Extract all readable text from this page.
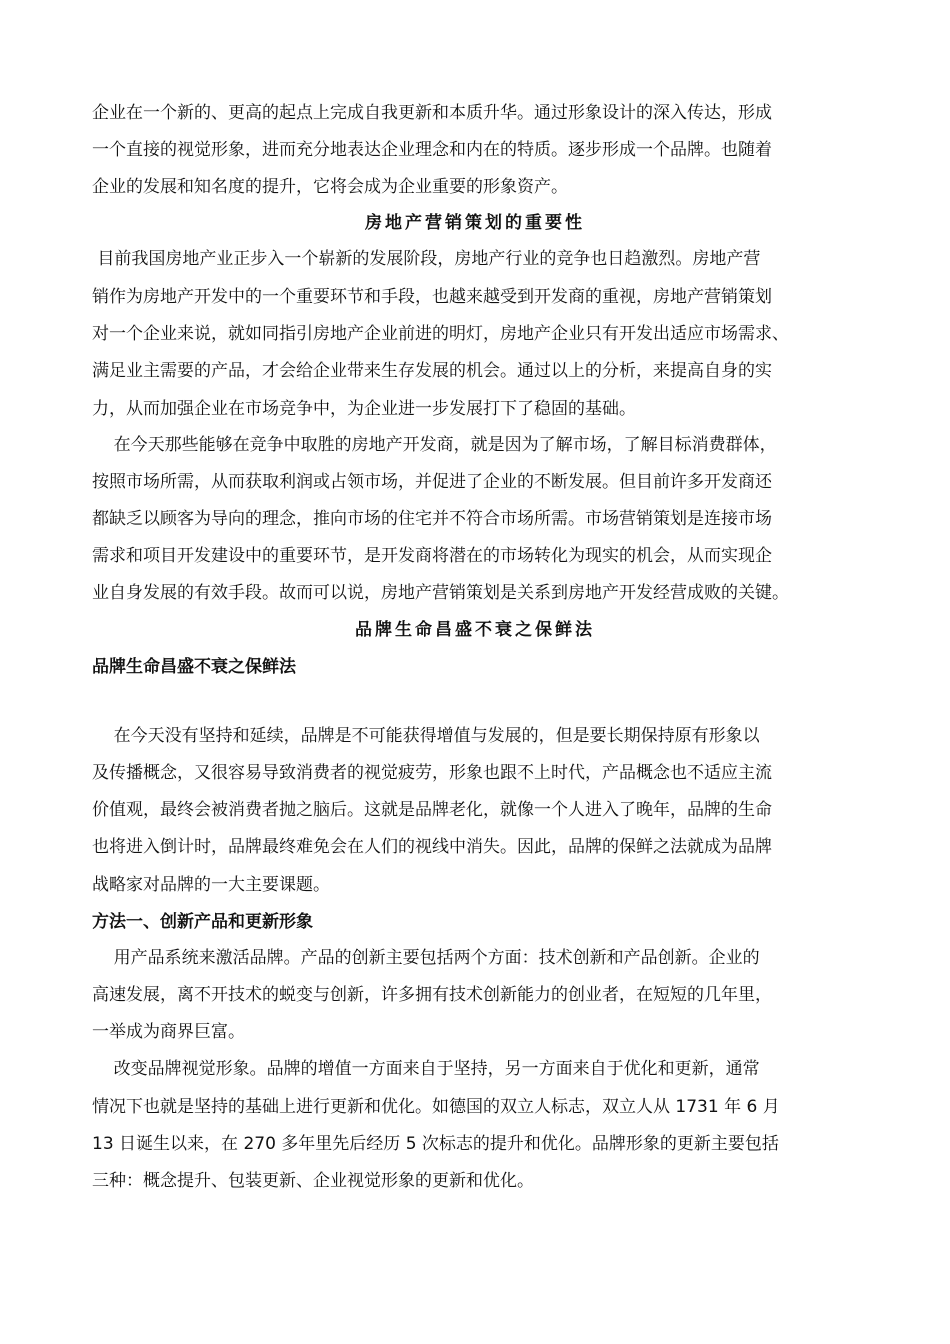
企业在一个新的、更高的起点上完成自我更新和本质升华。通过形象设计的深入传达，形成
一个直接的视觉形象，进而充分地表达企业理念和内在的特质。逐步形成一个品牌。也随着
企业的发展和知名度的提升，它将会成为企业重要的形象资产。
房地产营销策划的重要性
目前我国房地产业正步入一个崭新的发展阶段，房地产行业的竞争也日趋激烈。房地产营
销作为房地产开发中的一个重要环节和手段，也越来越受到开发商的重视，房地产营销策划
对一个企业来说，就如同指引房地产企业前进的明灯，房地产企业只有开发出适应市场需求、
满足业主需要的产品，才会给企业带来生存发展的机会。通过以上的分析，来提高自身的实
力，从而加强企业在市场竞争中，为企业进一步发展打下了稳固的基础。
在今天那些能够在竞争中取胜的房地产开发商，就是因为了解市场，了解目标消费群体，
按照市场所需，从而获取利润或占领市场，并促进了企业的不断发展。但目前许多开发商还
都缺乏以顾客为导向的理念，推向市场的住宅并不符合市场所需。市场营销策划是连接市场
需求和项目开发建设中的重要环节，是开发商将潜在的市场转化为现实的机会，从而实现企
业自身发展的有效手段。故而可以说，房地产营销策划是关系到房地产开发经营成败的关键。
品牌生命昌盛不衰之保鲜法
品牌生命昌盛不衰之保鲜法
在今天没有坚持和延续，品牌是不可能获得增值与发展的，但是要长期保持原有形象以
及传播概念，又很容易导致消费者的视觉疲劳，形象也跟不上时代，产品概念也不适应主流
价值观，最终会被消费者抛之脑后。这就是品牌老化，就像一个人进入了晚年，品牌的生命
也将进入倒计时，品牌最终难免会在人们的视线中消失。因此，品牌的保鲜之法就成为品牌
战略家对品牌的一大主要课题。
方法一、创新产品和更新形象
用产品系统来激活品牌。产品的创新主要包括两个方面：技术创新和产品创新。企业的
高速发展，离不开技术的蜕变与创新，许多拥有技术创新能力的创业者，在短短的几年里，
一举成为商界巨富。
改变品牌视觉形象。品牌的增值一方面来自于坚持，另一方面来自于优化和更新，通常
情况下也就是坚持的基础上进行更新和优化。如德国的双立人标志，双立人从 1731 年 6 月
13 日诞生以来，在 270 多年里先后经历 5 次标志的提升和优化。品牌形象的更新主要包括
三种：概念提升、包装更新、企业视觉形象的更新和优化。
